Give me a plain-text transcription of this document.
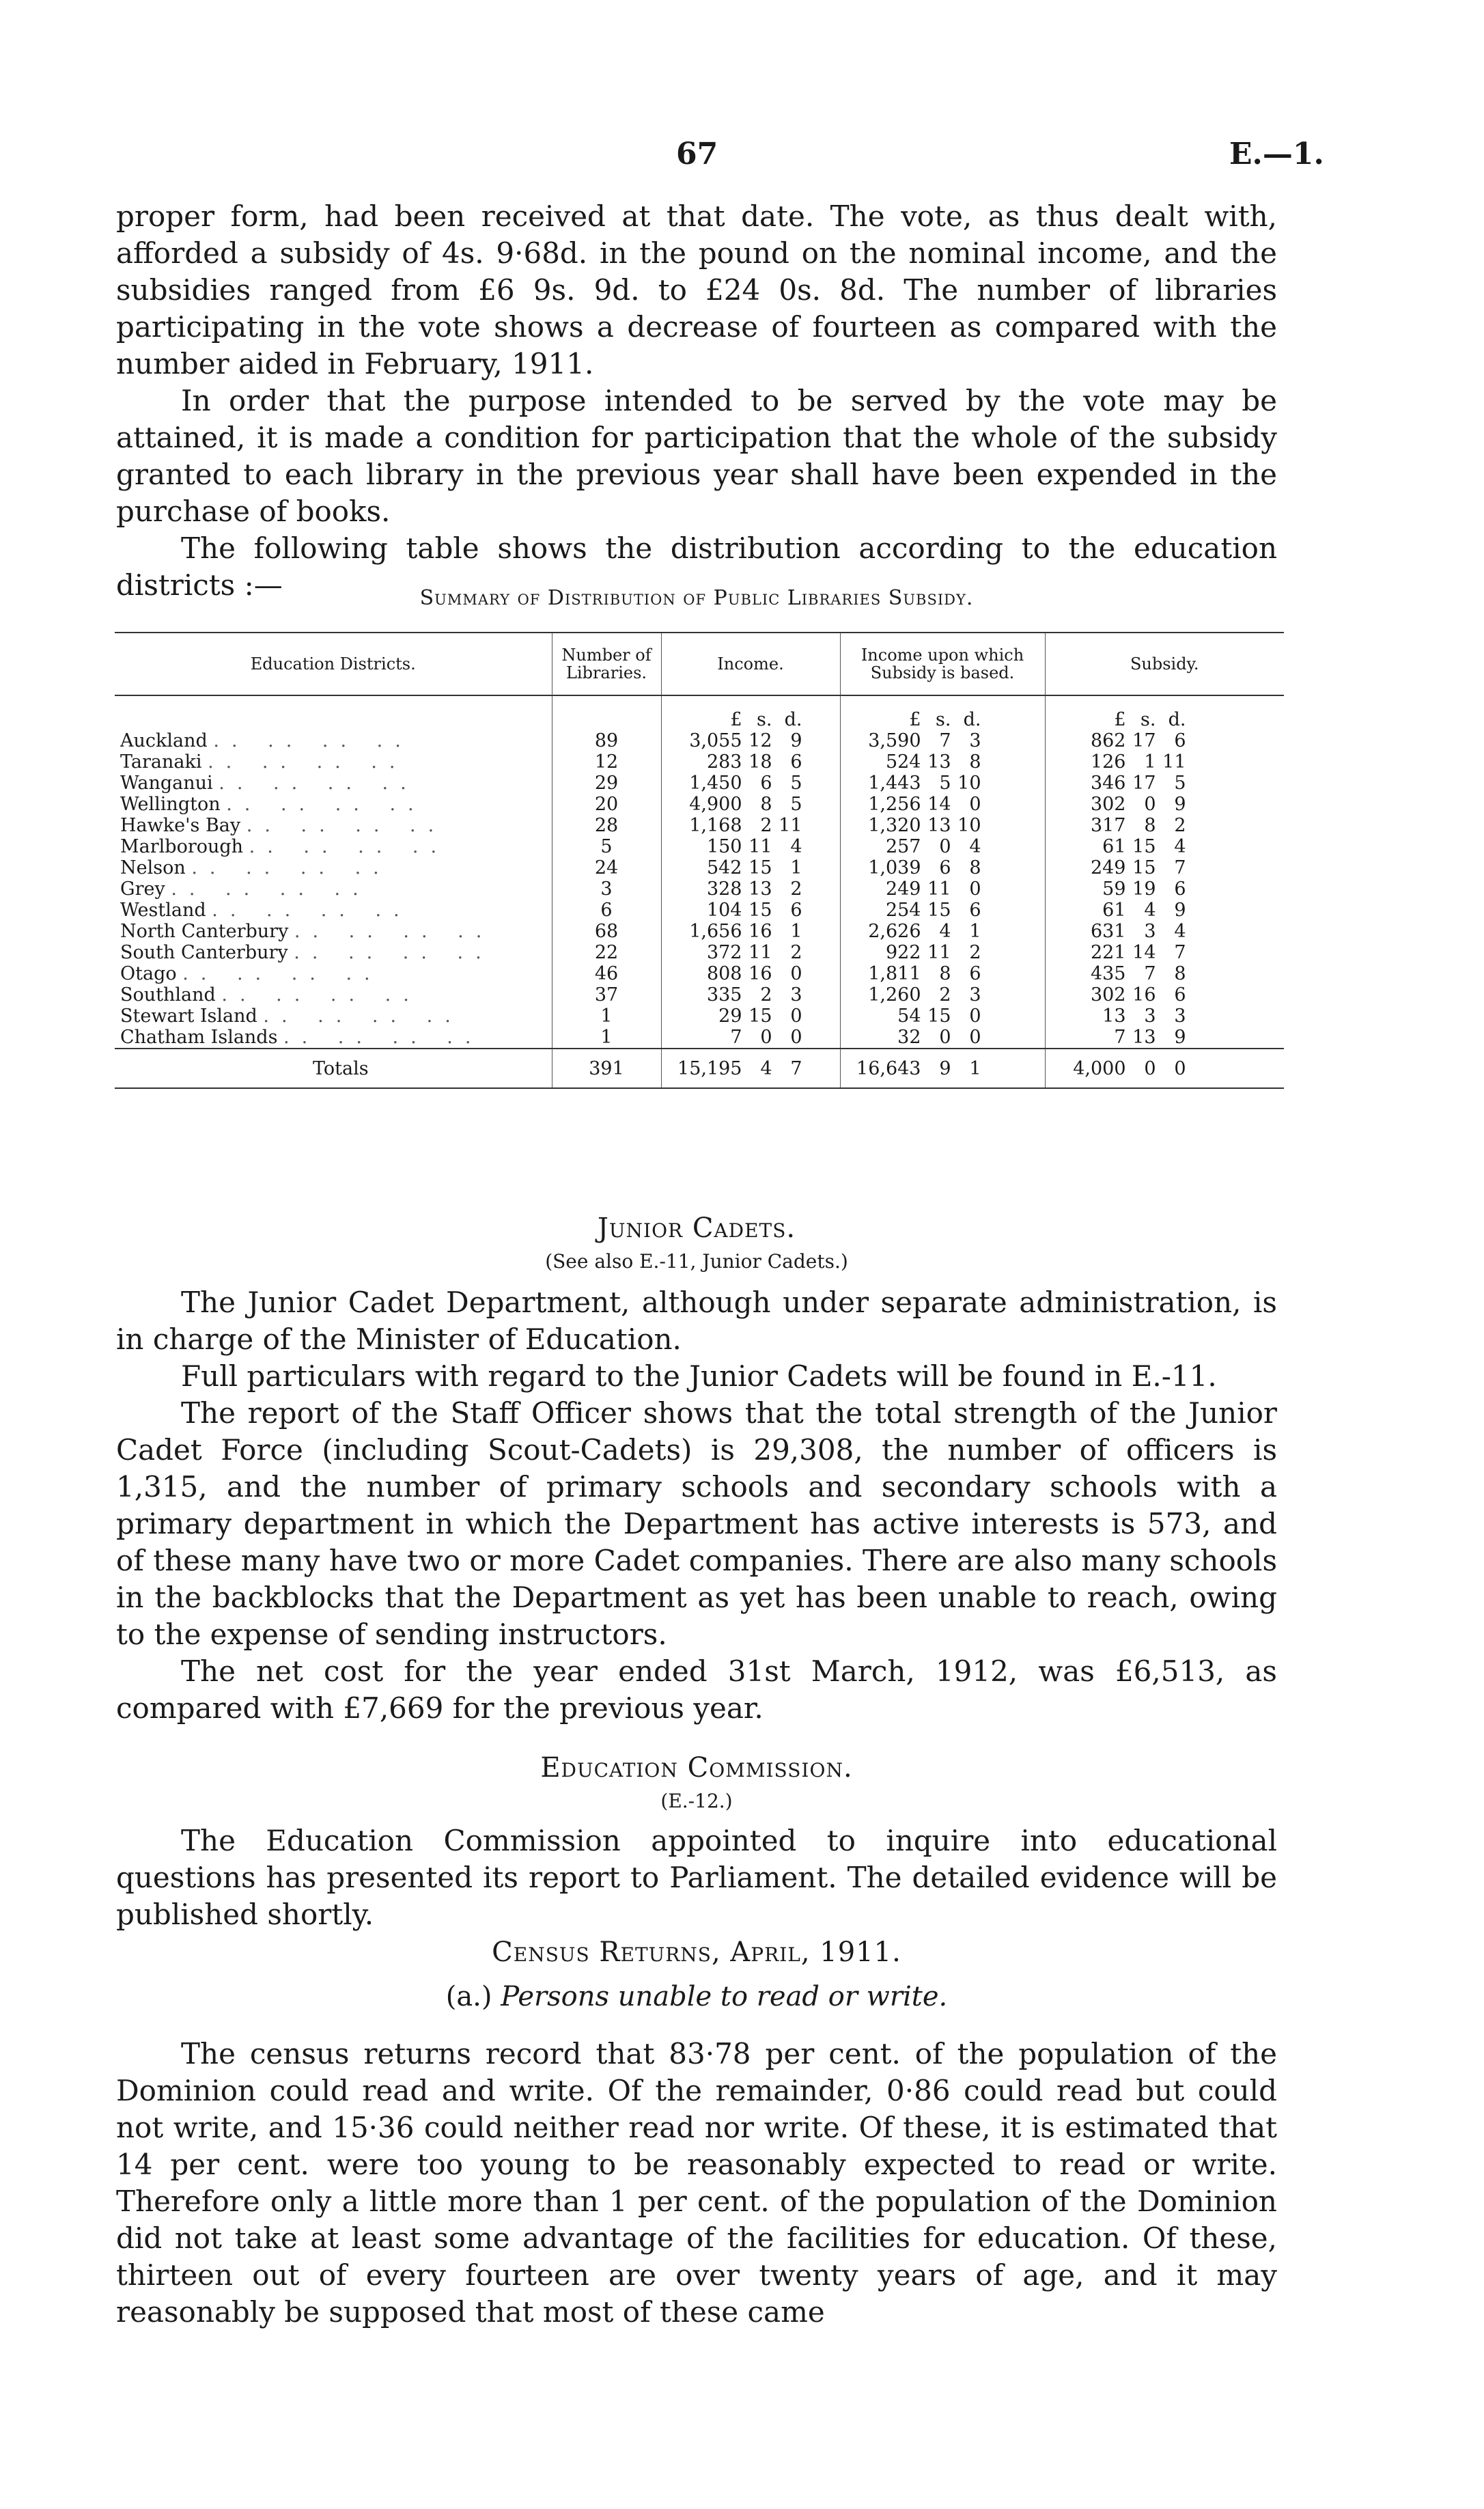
67	E.—1.

proper form, had been received at that date. The vote, as thus dealt with, afforded a subsidy of 4s. 9·68d. in the pound on the nominal income, and the subsidies ranged from £6 9s. 9d. to £24 0s. 8d. The number of libraries participating in the vote shows a decrease of fourteen as compared with the number aided in February, 1911.

In order that the purpose intended to be served by the vote may be attained, it is made a condition for participation that the whole of the subsidy granted to each library in the previous year shall have been expended in the purchase of books.

The following table shows the distribution according to the education districts :—	Summary of Distribution of Public Libraries Subsidy.
Education Districts.	Number of Libraries.	Income.	Income upon which Subsidy is based.	Subsidy.
		£ s. d.	£ s. d.	£ s. d.
Auckland .. .. .. ..	89	3,055 12 9	3,590 7 3	862 17 6
Taranaki .. .. .. ..	12	283 18 6	524 13 8	126 1 11
Wanganui .. .. .. ..	29	1,450 6 5	1,443 5 10	346 17 5
Wellington .. .. .. ..	20	4,900 8 5	1,256 14 0	302 0 9
Hawke's Bay .. .. .. ..	28	1,168 2 11	1,320 13 10	317 8 2
Marlborough .. .. .. ..	5	150 11 4	257 0 4	61 15 4
Nelson .. .. .. ..	24	542 15 1	1,039 6 8	249 15 7
Grey .. .. .. ..	3	328 13 2	249 11 0	59 19 6
Westland .. .. .. ..	6	104 15 6	254 15 6	61 4 9
North Canterbury .. .. .. ..	68	1,656 16 1	2,626 4 1	631 3 4
South Canterbury .. .. .. ..	22	372 11 2	922 11 2	221 14 7
Otago .. .. .. ..	46	808 16 0	1,811 8 6	435 7 8
Southland .. .. .. ..	37	335 2 3	1,260 2 3	302 16 6
Stewart Island .. .. .. ..	1	29 15 0	54 15 0	13 3 3
Chatham Islands .. .. .. ..	1	7 0 0	32 0 0	7 13 9
Totals	391	15,195 4 7	16,643 9 1	4,000 0 0
Junior Cadets.
(See also E.-11, Junior Cadets.)

The Junior Cadet Department, although under separate administration, is in charge of the Minister of Education.

Full particulars with regard to the Junior Cadets will be found in E.-11.

The report of the Staff Officer shows that the total strength of the Junior Cadet Force (including Scout-Cadets) is 29,308, the number of officers is 1,315, and the number of primary schools and secondary schools with a primary department in which the Department has active interests is 573, and of these many have two or more Cadet companies. There are also many schools in the backblocks that the Department as yet has been unable to reach, owing to the expense of sending instructors.

The net cost for the year ended 31st March, 1912, was £6,513, as compared with £7,669 for the previous year.

Education Commission.
(E.-12.)

The Education Commission appointed to inquire into educational questions has presented its report to Parliament. The detailed evidence will be published shortly.

Census Returns, April, 1911.
(a.) Persons unable to read or write.

The census returns record that 83·78 per cent. of the population of the Dominion could read and write. Of the remainder, 0·86 could read but could not write, and 15·36 could neither read nor write. Of these, it is estimated that 14 per cent. were too young to be reasonably expected to read or write. Therefore only a little more than 1 per cent. of the population of the Dominion did not take at least some advantage of the facilities for education. Of these, thirteen out of every fourteen are over twenty years of age, and it may reasonably be supposed that most of these came
